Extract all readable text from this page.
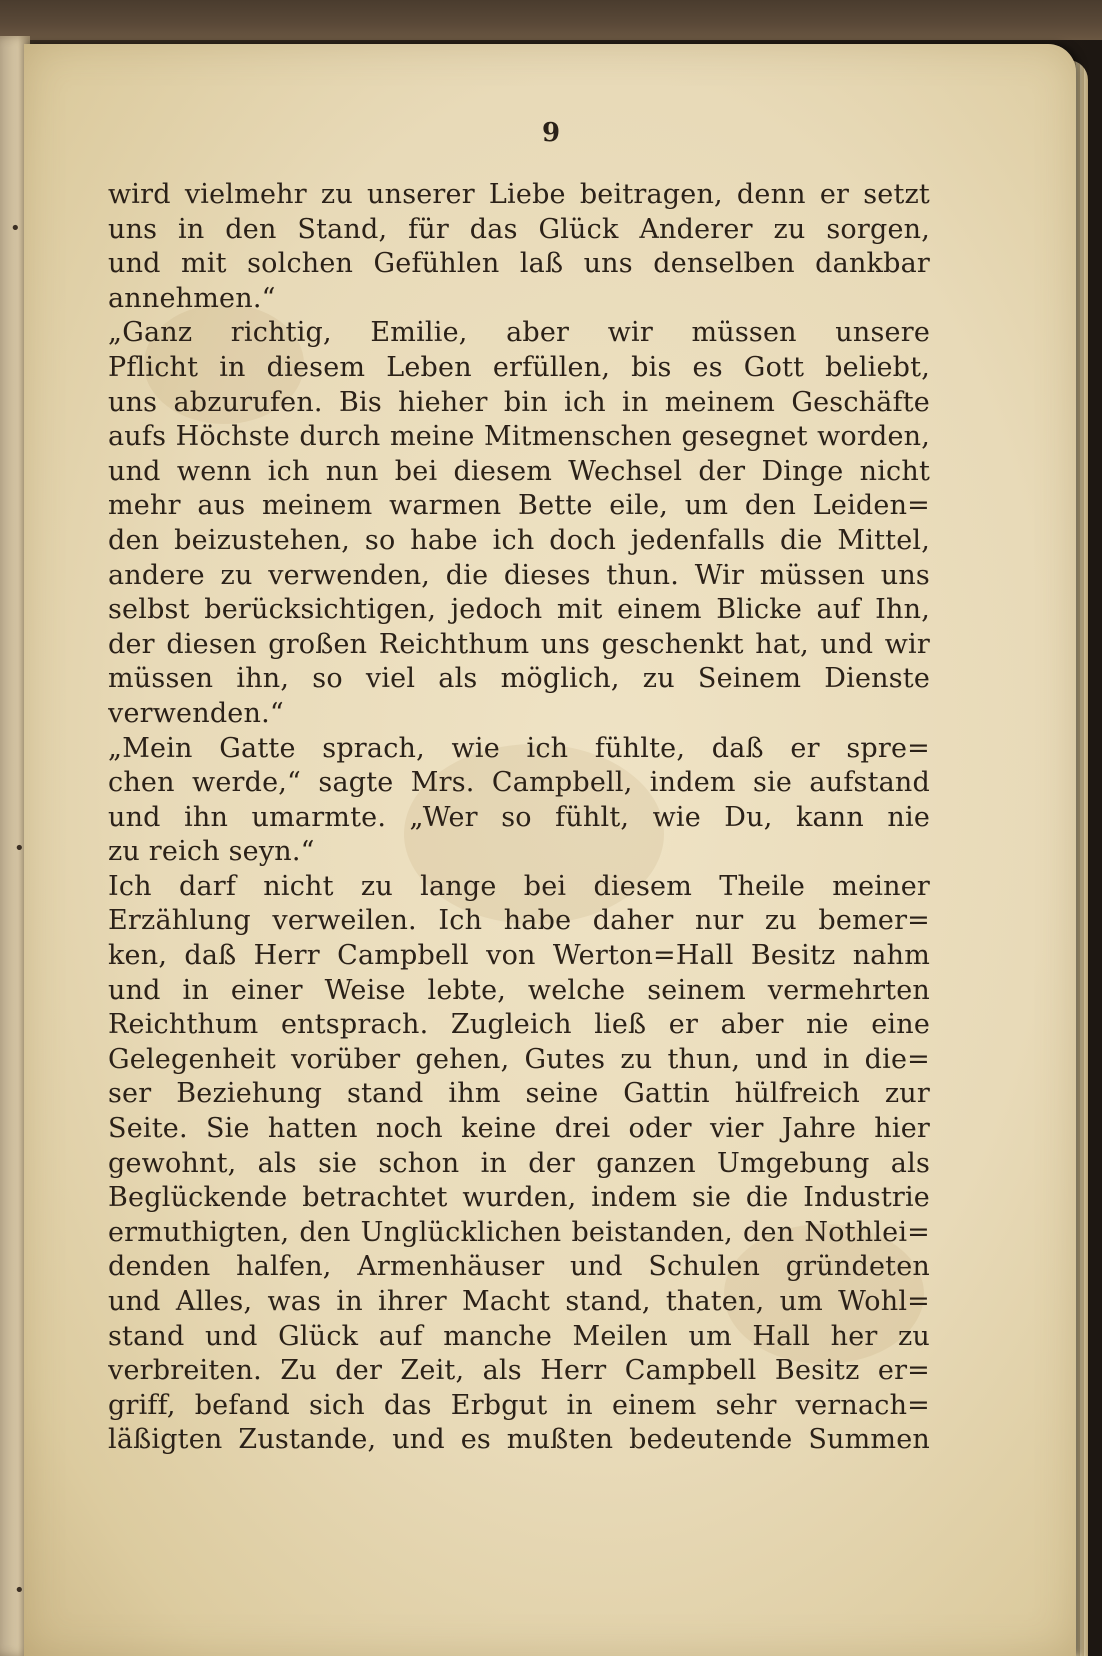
•
•
•
9
wird vielmehr zu unserer Liebe beitragen, denn er setzt
uns in den Stand, für das Glück Anderer zu sorgen,
und mit solchen Gefühlen laß uns denselben dankbar
annehmen.“
„Ganz richtig, Emilie, aber wir müssen unsere
Pflicht in diesem Leben erfüllen, bis es Gott beliebt,
uns abzurufen. Bis hieher bin ich in meinem Geschäfte
aufs Höchste durch meine Mitmenschen gesegnet worden,
und wenn ich nun bei diesem Wechsel der Dinge nicht
mehr aus meinem warmen Bette eile, um den Leiden=
den beizustehen, so habe ich doch jedenfalls die Mittel,
andere zu verwenden, die dieses thun. Wir müssen uns
selbst berücksichtigen, jedoch mit einem Blicke auf Ihn,
der diesen großen Reichthum uns geschenkt hat, und wir
müssen ihn, so viel als möglich, zu Seinem Dienste
verwenden.“
„Mein Gatte sprach, wie ich fühlte, daß er spre=
chen werde,“ sagte Mrs. Campbell, indem sie aufstand
und ihn umarmte. „Wer so fühlt, wie Du, kann nie
zu reich seyn.“
Ich darf nicht zu lange bei diesem Theile meiner
Erzählung verweilen. Ich habe daher nur zu bemer=
ken, daß Herr Campbell von Werton=Hall Besitz nahm
und in einer Weise lebte, welche seinem vermehrten
Reichthum entsprach. Zugleich ließ er aber nie eine
Gelegenheit vorüber gehen, Gutes zu thun, und in die=
ser Beziehung stand ihm seine Gattin hülfreich zur
Seite. Sie hatten noch keine drei oder vier Jahre hier
gewohnt, als sie schon in der ganzen Umgebung als
Beglückende betrachtet wurden, indem sie die Industrie
ermuthigten, den Unglücklichen beistanden, den Nothlei=
denden halfen, Armenhäuser und Schulen gründeten
und Alles, was in ihrer Macht stand, thaten, um Wohl=
stand und Glück auf manche Meilen um Hall her zu
verbreiten. Zu der Zeit, als Herr Campbell Besitz er=
griff, befand sich das Erbgut in einem sehr vernach=
läßigten Zustande, und es mußten bedeutende Summen
